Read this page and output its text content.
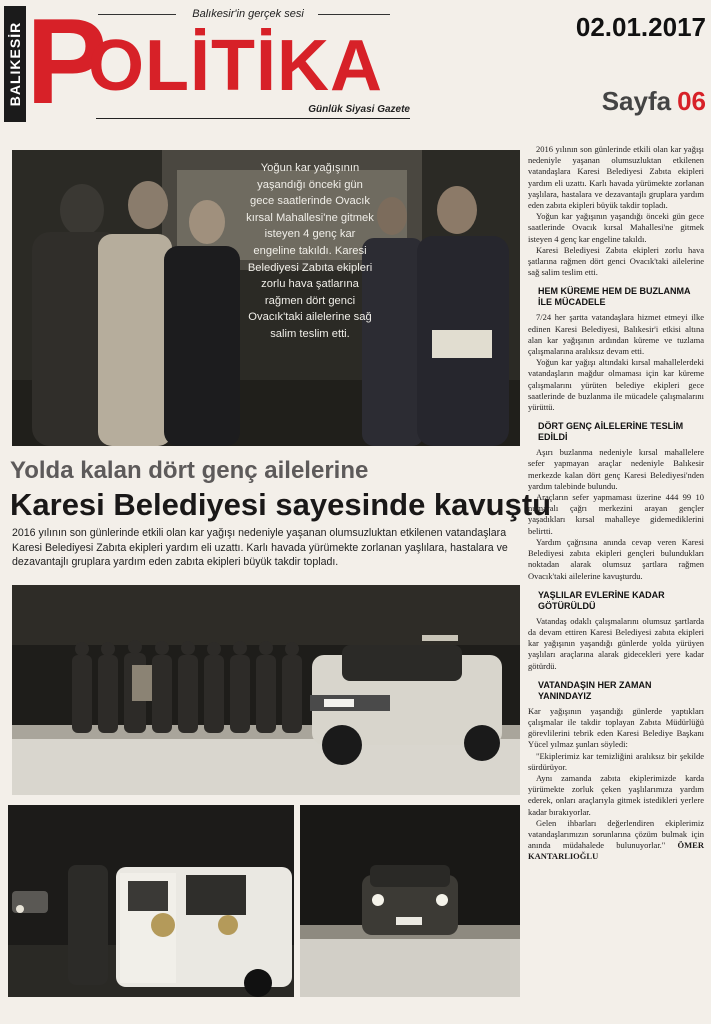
BALIKESİR P	Balıkesir'in gerçek sesi
OLİTİKA
Günlük Siyasi Gazete
02.01.2017
Sayfa 06
Yoğun kar yağışının yaşandığı önceki gün gece saatlerinde Ovacık kırsal Mahallesi'ne gitmek isteyen 4 genç kar engeline takıldı. Karesi Belediyesi Zabıta ekipleri zorlu hava şatlarına rağmen dört genci Ovacık'taki ailelerine sağ salim teslim etti.
Yolda kalan dört genç ailelerine
Karesi Belediyesi sayesinde kavuştu
2016 yılının son günlerinde etkili olan kar yağışı nedeniyle yaşanan olumsuzluktan etkilenen vatandaşlara Karesi Belediyesi Zabıta ekipleri yardım eli uzattı. Karlı havada yürümekte zorlanan yaşlılara, hastalara ve dezavantajlı gruplara yardım eden zabıta ekipleri büyük takdir topladı.

2016 yılının son günlerinde etkili olan kar yağışı nedeniyle yaşanan olumsuzluktan etkilenen vatandaşlara Karesi Belediyesi Zabıta ekipleri yardım eli uzattı. Karlı havada yürümekte zorlanan yaşlılara, hastalara ve dezavantajlı gruplara yardım eden zabıta ekipleri büyük takdir topladı.

Yoğun kar yağışının yaşandığı önceki gün gece saatlerinde Ovacık kırsal Mahallesi'ne gitmek isteyen 4 genç kar engeline takıldı.

Karesi Belediyesi Zabıta ekipleri zorlu hava şatlarına rağmen dört genci Ovacık'taki ailelerine sağ salim teslim etti.

HEM KÜREME HEM DE BUZLANMA İLE MÜCADELE

7/24 her şartta vatandaşlara hizmet etmeyi ilke edinen Karesi Belediyesi, Balıkesir'i etkisi altına alan kar yağışının ardından küreme ve tuzlama çalışmalarına aralıksız devam etti.

Yoğun kar yağışı altındaki kırsal mahallelerdeki vatandaşların mağdur olmaması için kar küreme çalışmalarını yürüten belediye ekipleri gece saatlerinde de buzlanma ile mücadele çalışmalarını yürüttü.

DÖRT GENÇ AİLELERİNE TESLİM EDİLDİ

Aşırı buzlanma nedeniyle kırsal mahallelere sefer yapmayan araçlar nedeniyle Balıkesir merkezde kalan dört genç Karesi Belediyesi'nden yardım talebinde bulundu.

Araçların sefer yapmaması üzerine 444 99 10 numaralı çağrı merkezini arayan gençler yaşadıkları kırsal mahalleye gidemediklerini belirtti.

Yardım çağrısına anında cevap veren Karesi Belediyesi zabıta ekipleri gençleri bulundukları noktadan alarak olumsuz şartlara rağmen Ovacık'taki ailelerine kavuşturdu.

YAŞLILAR EVLERİNE KADAR GÖTÜRÜLDÜ

Vatandaş odaklı çalışmalarını olumsuz şartlarda da devam ettiren Karesi Belediyesi zabıta ekipleri kar yağışının yaşandığı günlerde yolda yürüyen yaşlıları araçlarına alarak gidecekleri yere kadar götürdü.

VATANDAŞIN HER ZAMAN YANINDAYIZ

Kar yağışının yaşandığı günlerde yaptıkları çalışmalar ile takdir toplayan Zabıta Müdürlüğü görevlilerini tebrik eden Karesi Belediye Başkanı Yücel yılmaz şunları söyledi:

"Ekiplerimiz kar temizliğini aralıksız bir şekilde sürdürüyor.

Aynı zamanda zabıta ekiplerimizde karda yürümekte zorluk çeken yaşlılarımıza yardım ederek, onları araçlarıyla gitmek istedikleri yerlere kadar bırakıyorlar.

Gelen ihbarları değerlendiren ekiplerimiz vatandaşlarımızın sorunlarına çözüm bulmak için anında müdahalede bulunuyorlar." ÖMER KANTARLIOĞLU
